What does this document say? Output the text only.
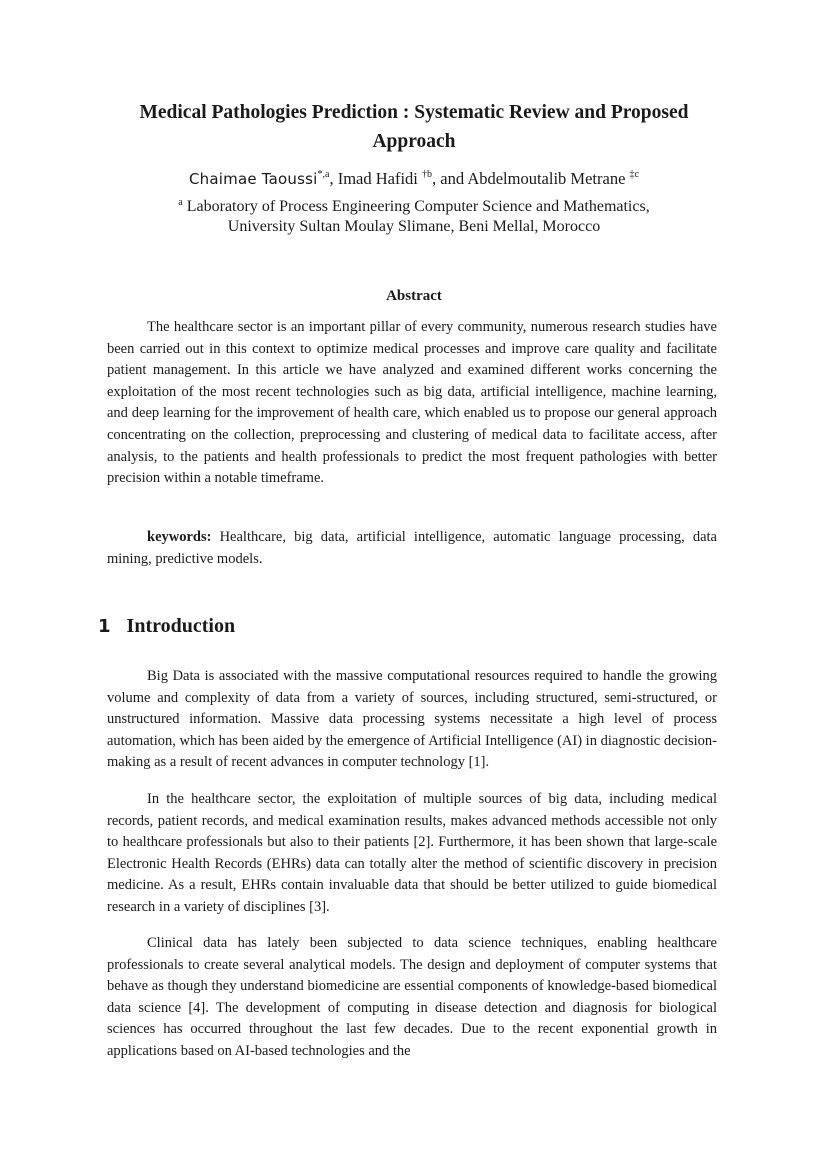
Medical Pathologies Prediction : Systematic Review and Proposed
Approach
Chaimae Taoussi$^{*,a}$, Imad Hafidi $^{\dagger b}$, and Abdelmoutalib Metrane $^{\ddagger c}$
$^a$ Laboratory of Process Engineering Computer Science and Mathematics,
University Sultan Moulay Slimane, Beni Mellal, Morocco
Abstract

The healthcare sector is an important pillar of every community, numerous research studies have been carried out in this context to optimize medical processes and improve care quality and facilitate patient management. In this article we have analyzed and examined different works concerning the exploitation of the most recent technologies such as big data, artificial intelligence, machine learning, and deep learning for the improvement of health care, which enabled us to propose our general approach concentrating on the collection, preprocessing and clustering of medical data to facilitate access, after analysis, to the patients and health professionals to predict the most frequent pathologies with better precision within a notable timeframe.

keywords: Healthcare, big data, artificial intelligence, automatic language processing, data mining, predictive models.

1 Introduction

Big Data is associated with the massive computational resources required to handle the growing volume and complexity of data from a variety of sources, including structured, semi-structured, or unstructured information. Massive data processing systems necessitate a high level of process automation, which has been aided by the emergence of Artificial Intelligence (AI) in diagnostic decision-making as a result of recent advances in computer technology [1].

In the healthcare sector, the exploitation of multiple sources of big data, including medical records, patient records, and medical examination results, makes advanced methods accessible not only to healthcare professionals but also to their patients [2]. Furthermore, it has been shown that large-scale Electronic Health Records (EHRs) data can totally alter the method of scientific discovery in precision medicine. As a result, EHRs contain invaluable data that should be better utilized to guide biomedical research in a variety of disciplines [3].

Clinical data has lately been subjected to data science techniques, enabling healthcare professionals to create several analytical models. The design and deployment of computer systems that behave as though they understand biomedicine are essential components of knowledge-based biomedical data science [4]. The development of computing in disease detection and diagnosis for biological sciences has occurred throughout the last few decades. Due to the recent exponential growth in applications based on AI-based technologies and the
